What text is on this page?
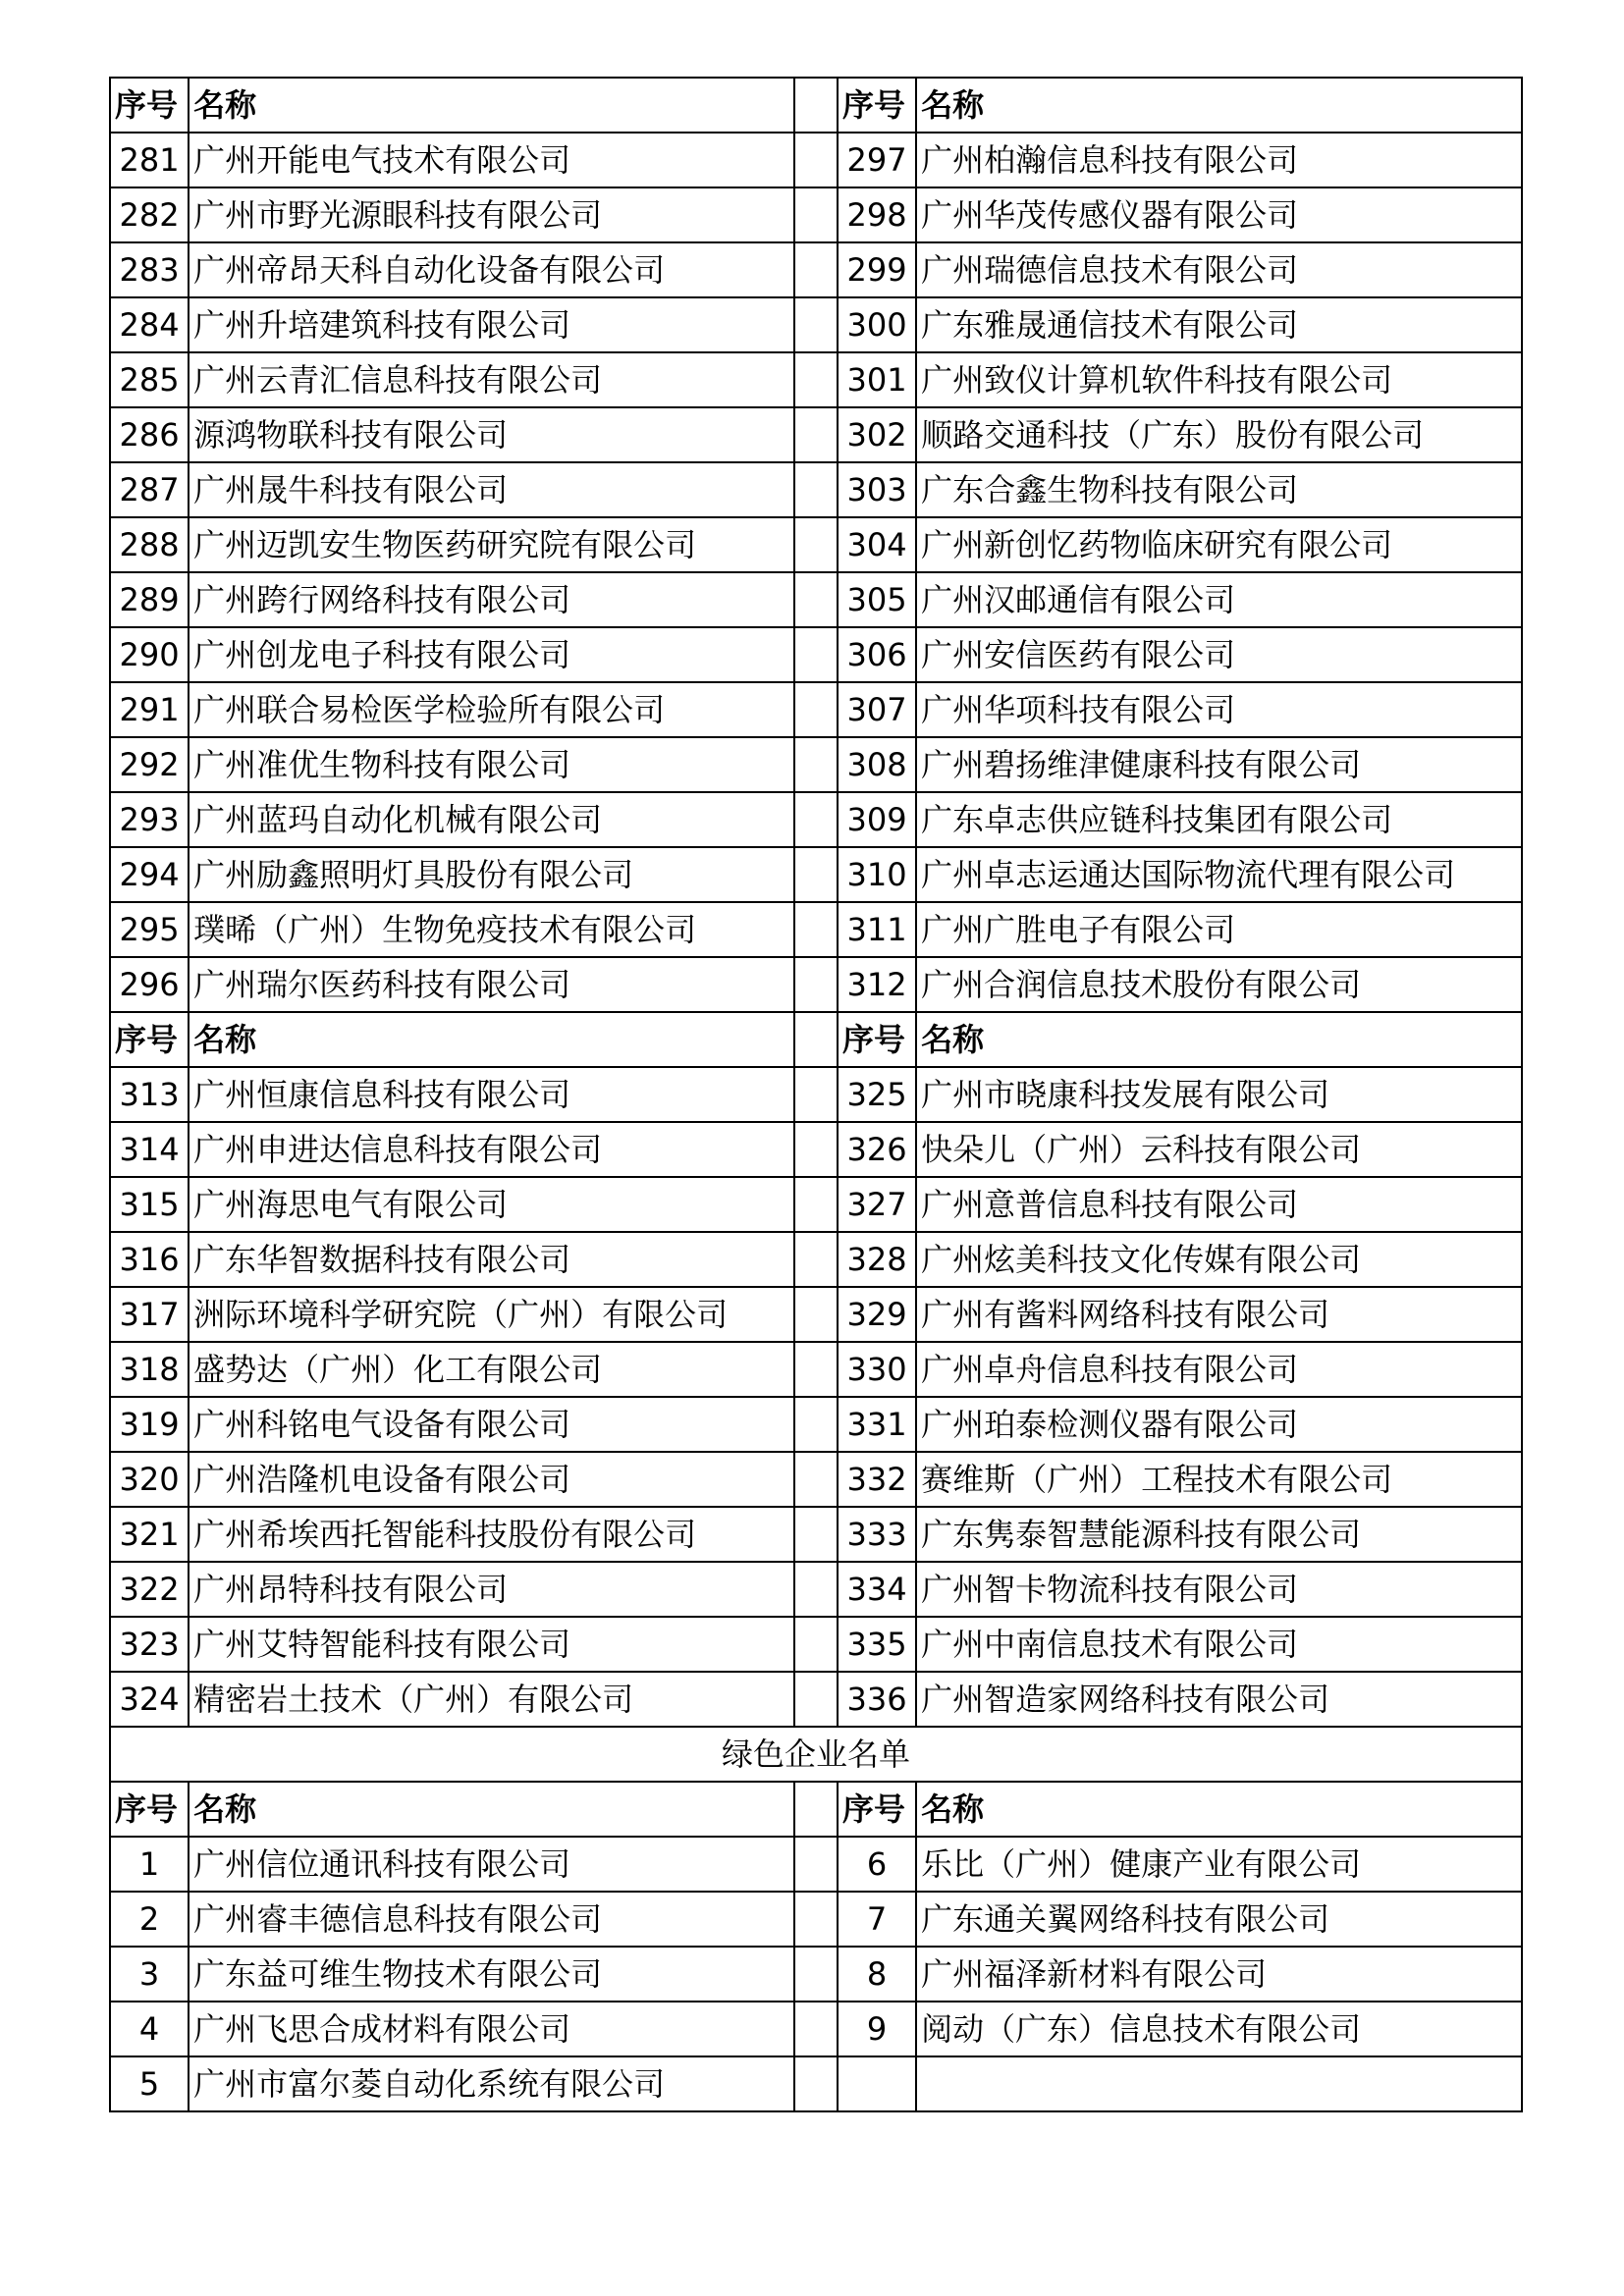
序号	名称		序号	名称
281	广州开能电气技术有限公司		297	广州柏瀚信息科技有限公司
282	广州市野光源眼科技有限公司		298	广州华茂传感仪器有限公司
283	广州帝昂天科自动化设备有限公司		299	广州瑞德信息技术有限公司
284	广州升培建筑科技有限公司		300	广东雅晟通信技术有限公司
285	广州云青汇信息科技有限公司		301	广州致仪计算机软件科技有限公司
286	源鸿物联科技有限公司		302	顺路交通科技（广东）股份有限公司
287	广州晟牛科技有限公司		303	广东合鑫生物科技有限公司
288	广州迈凯安生物医药研究院有限公司		304	广州新创忆药物临床研究有限公司
289	广州跨行网络科技有限公司		305	广州汉邮通信有限公司
290	广州创龙电子科技有限公司		306	广州安信医药有限公司
291	广州联合易检医学检验所有限公司		307	广州华项科技有限公司
292	广州准优生物科技有限公司		308	广州碧扬维津健康科技有限公司
293	广州蓝玛自动化机械有限公司		309	广东卓志供应链科技集团有限公司
294	广州励鑫照明灯具股份有限公司		310	广州卓志运通达国际物流代理有限公司
295	璞晞（广州）生物免疫技术有限公司		311	广州广胜电子有限公司
296	广州瑞尔医药科技有限公司		312	广州合润信息技术股份有限公司
序号	名称		序号	名称
313	广州恒康信息科技有限公司		325	广州市晓康科技发展有限公司
314	广州申进达信息科技有限公司		326	快朵儿（广州）云科技有限公司
315	广州海思电气有限公司		327	广州意普信息科技有限公司
316	广东华智数据科技有限公司		328	广州炫美科技文化传媒有限公司
317	洲际环境科学研究院（广州）有限公司		329	广州有酱料网络科技有限公司
318	盛势达（广州）化工有限公司		330	广州卓舟信息科技有限公司
319	广州科铭电气设备有限公司		331	广州珀泰检测仪器有限公司
320	广州浩隆机电设备有限公司		332	赛维斯（广州）工程技术有限公司
321	广州希埃西托智能科技股份有限公司		333	广东隽泰智慧能源科技有限公司
322	广州昂特科技有限公司		334	广州智卡物流科技有限公司
323	广州艾特智能科技有限公司		335	广州中南信息技术有限公司
324	精密岩土技术（广州）有限公司		336	广州智造家网络科技有限公司
绿色企业名单				
序号	名称		序号	名称
1	广州信位通讯科技有限公司		6	乐比（广州）健康产业有限公司
2	广州睿丰德信息科技有限公司		7	广东通关翼网络科技有限公司
3	广东益可维生物技术有限公司		8	广州福泽新材料有限公司
4	广州飞思合成材料有限公司		9	阅动（广东）信息技术有限公司
5	广州市富尔菱自动化系统有限公司			
